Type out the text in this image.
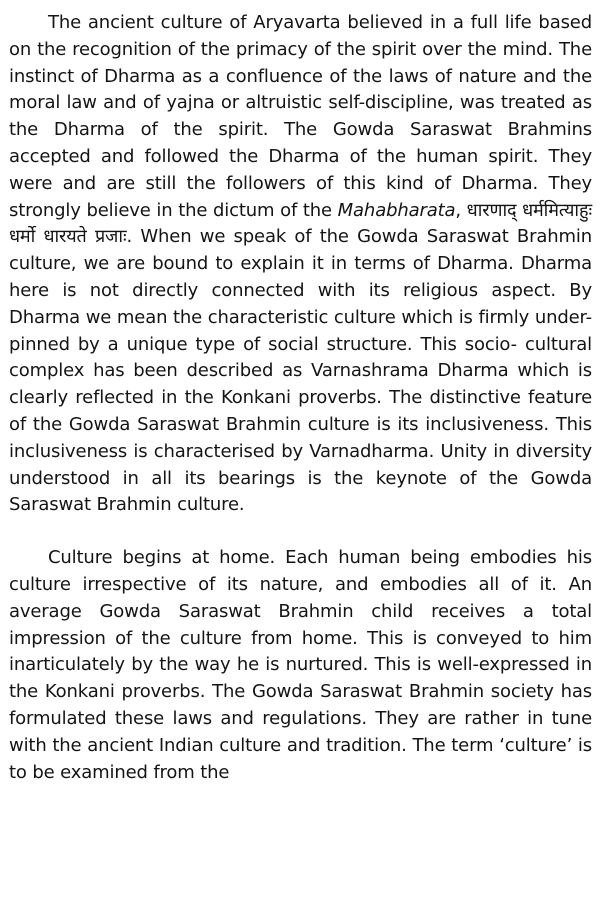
The ancient culture of Aryavarta believed in a full life based on the recognition of the primacy of the spirit over the mind. The instinct of Dharma as a confluence of the laws of nature and the moral law and of yajna or altruistic self-discipline, was treated as the Dharma of the spirit. The Gowda Saraswat Brahmins accepted and followed the Dharma of the human spirit. They were and are still the followers of this kind of Dharma. They strongly believe in the dictum of the Mahabharata, धारणाद् धर्ममित्याहुः धर्मो धारयते प्रजाः. When we speak of the Gowda Saraswat Brahmin culture, we are bound to explain it in terms of Dharma. Dharma here is not directly connected with its religious aspect. By Dharma we mean the characteristic culture which is firmly under- pinned by a unique type of social structure. This socio- cultural complex has been described as Varnashrama Dharma which is clearly reflected in the Konkani proverbs. The distinctive feature of the Gowda Saraswat Brahmin culture is its inclusiveness. This inclusiveness is characterised by Varnadharma. Unity in diversity understood in all its bearings is the keynote of the Gowda Saraswat Brahmin culture.

Culture begins at home. Each human being embodies his culture irrespective of its nature, and embodies all of it. An average Gowda Saraswat Brahmin child receives a total impression of the culture from home. This is conveyed to him inarticulately by the way he is nurtured. This is well-expressed in the Konkani proverbs. The Gowda Saraswat Brahmin society has formulated these laws and regulations. They are rather in tune with the ancient Indian culture and tradition. The term ‘culture’ is to be examined from the
